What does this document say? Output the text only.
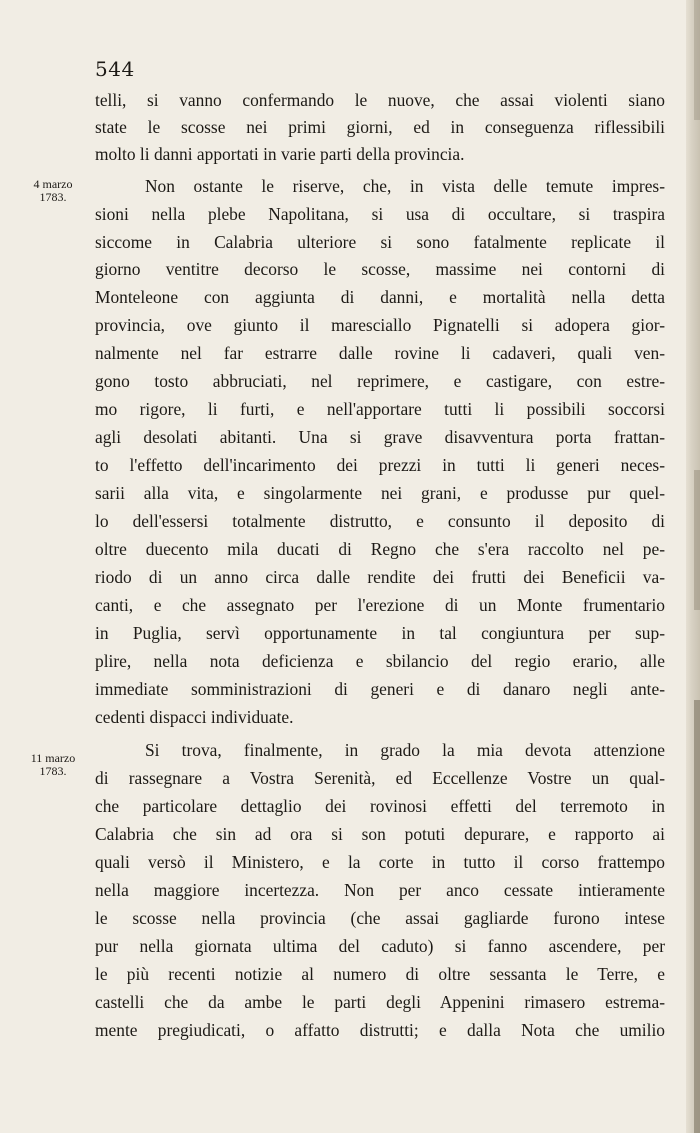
544
4 marzo
1783.
11 marzo
1783.
telli, si vanno confermando le nuove, che assai violenti siano
state le scosse nei primi giorni, ed in conseguenza riflessibili
molto li danni apportati in varie parti della provincia.
Non ostante le riserve, che, in vista delle temute impres-
sioni nella plebe Napolitana, si usa di occultare, si traspira
siccome in Calabria ulteriore si sono fatalmente replicate il
giorno ventitre decorso le scosse, massime nei contorni di
Monteleone con aggiunta di danni, e mortalità nella detta
provincia, ove giunto il maresciallo Pignatelli si adopera gior-
nalmente nel far estrarre dalle rovine li cadaveri, quali ven-
gono tosto abbruciati, nel reprimere, e castigare, con estre-
mo rigore, li furti, e nell'apportare tutti li possibili soccorsi
agli desolati abitanti. Una si grave disavventura porta frattan-
to l'effetto dell'incarimento dei prezzi in tutti li generi neces-
sarii alla vita, e singolarmente nei grani, e produsse pur quel-
lo dell'essersi totalmente distrutto, e consunto il deposito di
oltre duecento mila ducati di Regno che s'era raccolto nel pe-
riodo di un anno circa dalle rendite dei frutti dei Beneficii va-
canti, e che assegnato per l'erezione di un Monte frumentario
in Puglia, servì opportunamente in tal congiuntura per sup-
plire, nella nota deficienza e sbilancio del regio erario, alle
immediate somministrazioni di generi e di danaro negli ante-
cedenti dispacci individuate.
Si trova, finalmente, in grado la mia devota attenzione
di rassegnare a Vostra Serenità, ed Eccellenze Vostre un qual-
che particolare dettaglio dei rovinosi effetti del terremoto in
Calabria che sin ad ora si son potuti depurare, e rapporto ai
quali versò il Ministero, e la corte in tutto il corso frattempo
nella maggiore incertezza. Non per anco cessate intieramente
le scosse nella provincia (che assai gagliarde furono intese
pur nella giornata ultima del caduto) si fanno ascendere, per
le più recenti notizie al numero di oltre sessanta le Terre, e
castelli che da ambe le parti degli Appenini rimasero estrema-
mente pregiudicati, o affatto distrutti; e dalla Nota che umilio
